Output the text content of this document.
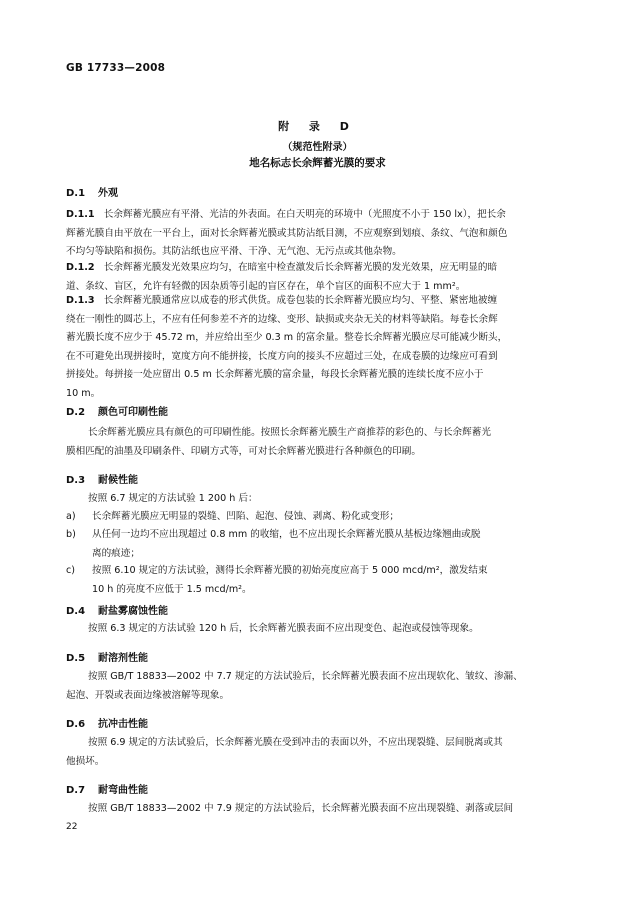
GB 17733—2008
附 录 D
（规范性附录）
地名标志长余辉蓄光膜的要求
D.1 外观
D.1.1 长余辉蓄光膜应有平滑、光洁的外表面。在白天明亮的环境中（光照度不小于 150 lx），把长余
辉蓄光膜自由平放在一平台上，面对长余辉蓄光膜或其防沾纸目测，不应观察到划痕、条纹、气泡和颜色
不均匀等缺陷和损伤。其防沾纸也应平滑、干净、无气泡、无污点或其他杂物。
D.1.2 长余辉蓄光膜发光效果应均匀，在暗室中检查激发后长余辉蓄光膜的发光效果，应无明显的暗
道、条纹、盲区，允许有轻微的因杂质等引起的盲区存在，单个盲区的面积不应大于 1 mm²。
D.1.3 长余辉蓄光膜通常应以成卷的形式供货。成卷包装的长余辉蓄光膜应均匀、平整、紧密地被缠
绕在一刚性的圆芯上，不应有任何参差不齐的边缘、变形、缺损或夹杂无关的材料等缺陷。每卷长余辉
蓄光膜长度不应少于 45.72 m，并应给出至少 0.3 m 的富余量。整卷长余辉蓄光膜应尽可能减少断头，
在不可避免出现拼接时，宽度方向不能拼接，长度方向的接头不应超过三处，在成卷膜的边缘应可看到
拼接处。每拼接一处应留出 0.5 m 长余辉蓄光膜的富余量，每段长余辉蓄光膜的连续长度不应小于
10 m。
D.2 颜色可印刷性能
长余辉蓄光膜应具有颜色的可印刷性能。按照长余辉蓄光膜生产商推荐的彩色的、与长余辉蓄光
膜相匹配的油墨及印刷条件、印刷方式等，可对长余辉蓄光膜进行各种颜色的印刷。
D.3 耐候性能
按照 6.7 规定的方法试验 1 200 h 后：
a)	长余辉蓄光膜应无明显的裂缝、凹陷、起泡、侵蚀、剥离、粉化或变形；
b)	从任何一边均不应出现超过 0.8 mm 的收缩，也不应出现长余辉蓄光膜从基板边缘翘曲或脱
离的痕迹；
c)	按照 6.10 规定的方法试验，测得长余辉蓄光膜的初始亮度应高于 5 000 mcd/m²，激发结束
10 h 的亮度不应低于 1.5 mcd/m²。
D.4 耐盐雾腐蚀性能
按照 6.3 规定的方法试验 120 h 后，长余辉蓄光膜表面不应出现变色、起泡或侵蚀等现象。
D.5 耐溶剂性能
按照 GB/T 18833—2002 中 7.7 规定的方法试验后，长余辉蓄光膜表面不应出现软化、皱纹、渗漏、
起泡、开裂或表面边缘被溶解等现象。
D.6 抗冲击性能
按照 6.9 规定的方法试验后，长余辉蓄光膜在受到冲击的表面以外，不应出现裂缝、层间脱离或其
他损坏。
D.7 耐弯曲性能
按照 GB/T 18833—2002 中 7.9 规定的方法试验后，长余辉蓄光膜表面不应出现裂缝、剥落或层间
22
